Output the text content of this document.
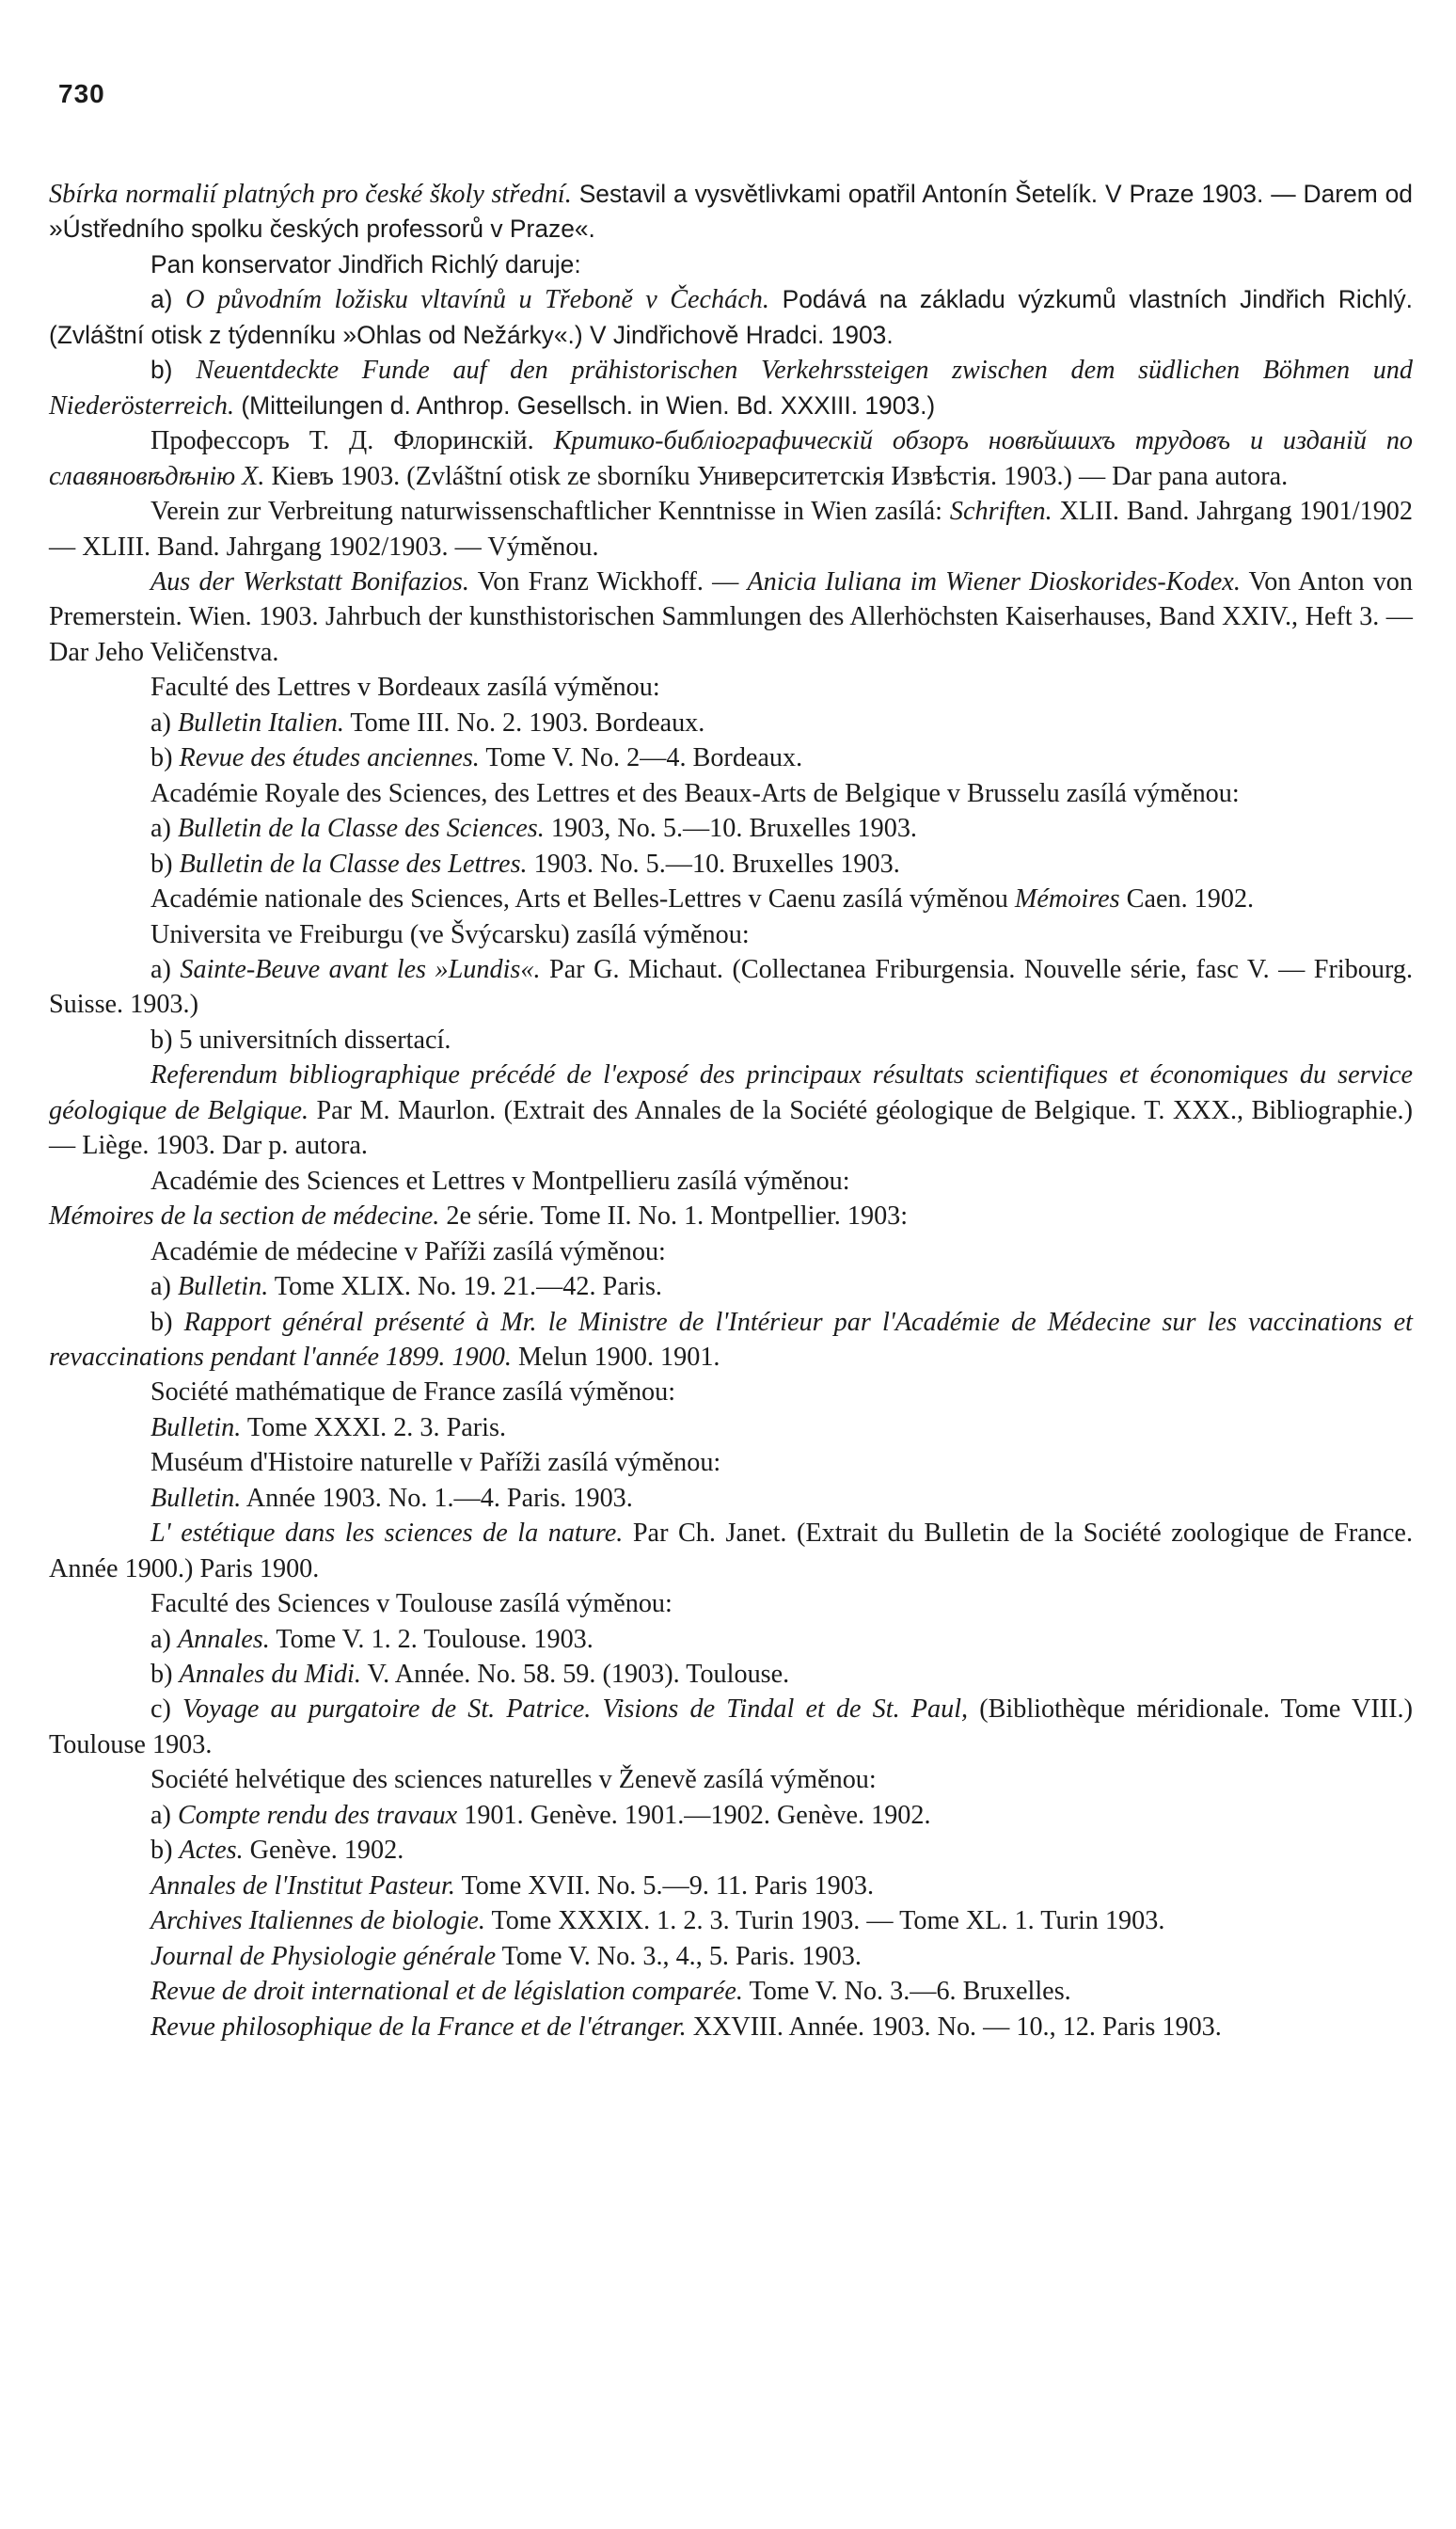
730

Sbírka normalií platných pro české školy střední. Sestavil a vysvětlivkami opatřil Antonín Šetelík. V Praze 1903. — Darem od »Ústředního spolku českých professorů v Praze«.

Pan konservator Jindřich Richlý daruje:

a) O původním ložisku vltavínů u Třeboně v Čechách. Podává na základu výzkumů vlastních Jindřich Richlý. (Zvláštní otisk z týdenníku »Ohlas od Nežárky«.) V Jindřichově Hradci. 1903.

b) Neuentdeckte Funde auf den prähistorischen Verkehrssteigen zwischen dem südlichen Böhmen und Niederösterreich. (Mitteilungen d. Anthrop. Gesellsch. in Wien. Bd. XXXIII. 1903.)

Профессоръ Т. Д. Флоринскiй. Критико-библiографическiй обзоръ новѣйшихъ трудовъ и изданiй по славяновѣдѣнiю X. Кiевъ 1903. (Zvláštní otisk ze sborníku Университетскiя Извѣстiя. 1903.) — Dar pana autora.

Verein zur Verbreitung naturwissenschaftlicher Kenntnisse in Wien zasílá: Schriften. XLII. Band. Jahrgang 1901/1902 — XLIII. Band. Jahrgang 1902/1903. — Výměnou.

Aus der Werkstatt Bonifazios. Von Franz Wickhoff. — Anicia Iuliana im Wiener Dioskorides-Kodex. Von Anton von Premerstein. Wien. 1903. Jahrbuch der kunsthistorischen Sammlungen des Allerhöchsten Kaiserhauses, Band XXIV., Heft 3. — Dar Jeho Veličenstva.

Faculté des Lettres v Bordeaux zasílá výměnou:

a) Bulletin Italien. Tome III. No. 2. 1903. Bordeaux.

b) Revue des études anciennes. Tome V. No. 2—4. Bordeaux.

Académie Royale des Sciences, des Lettres et des Beaux-Arts de Belgique v Brusselu zasílá výměnou:

a) Bulletin de la Classe des Sciences. 1903, No. 5.—10. Bruxelles 1903.

b) Bulletin de la Classe des Lettres. 1903. No. 5.—10. Bruxelles 1903.

Académie nationale des Sciences, Arts et Belles-Lettres v Caenu zasílá výměnou Mémoires Caen. 1902.

Universita ve Freiburgu (ve Švýcarsku) zasílá výměnou:

a) Sainte-Beuve avant les »Lundis«. Par G. Michaut. (Collectanea Friburgensia. Nouvelle série, fasc V. — Fribourg. Suisse. 1903.)

b) 5 universitních dissertací.

Referendum bibliographique précédé de l'exposé des principaux résultats scientifiques et économiques du service géologique de Belgique. Par M. Maurlon. (Extrait des Annales de la Société géologique de Belgique. T. XXX., Bibliographie.) — Liège. 1903. Dar p. autora.

Académie des Sciences et Lettres v Montpellieru zasílá výměnou:

Mémoires de la section de médecine. 2e série. Tome II. No. 1. Montpellier. 1903:

Académie de médecine v Paříži zasílá výměnou:

a) Bulletin. Tome XLIX. No. 19. 21.—42. Paris.

b) Rapport général présenté à Mr. le Ministre de l'Intérieur par l'Académie de Médecine sur les vaccinations et revaccinations pendant l'année 1899. 1900. Melun 1900. 1901.

Société mathématique de France zasílá výměnou:

Bulletin. Tome XXXI. 2. 3. Paris.

Muséum d'Histoire naturelle v Paříži zasílá výměnou:

Bulletin. Année 1903. No. 1.—4. Paris. 1903.

L' estétique dans les sciences de la nature. Par Ch. Janet. (Extrait du Bulletin de la Société zoologique de France. Année 1900.) Paris 1900.

Faculté des Sciences v Toulouse zasílá výměnou:

a) Annales. Tome V. 1. 2. Toulouse. 1903.

b) Annales du Midi. V. Année. No. 58. 59. (1903). Toulouse.

c) Voyage au purgatoire de St. Patrice. Visions de Tindal et de St. Paul, (Bibliothèque méridionale. Tome VIII.) Toulouse 1903.

Société helvétique des sciences naturelles v Ženevě zasílá výměnou:

a) Compte rendu des travaux 1901. Genève. 1901.—1902. Genève. 1902.

b) Actes. Genève. 1902.

Annales de l'Institut Pasteur. Tome XVII. No. 5.—9. 11. Paris 1903.

Archives Italiennes de biologie. Tome XXXIX. 1. 2. 3. Turin 1903. — Tome XL. 1. Turin 1903.

Journal de Physiologie générale Tome V. No. 3., 4., 5. Paris. 1903.

Revue de droit international et de législation comparée. Tome V. No. 3.—6. Bruxelles.

Revue philosophique de la France et de l'étranger. XXVIII. Année. 1903. No. — 10., 12. Paris 1903.
